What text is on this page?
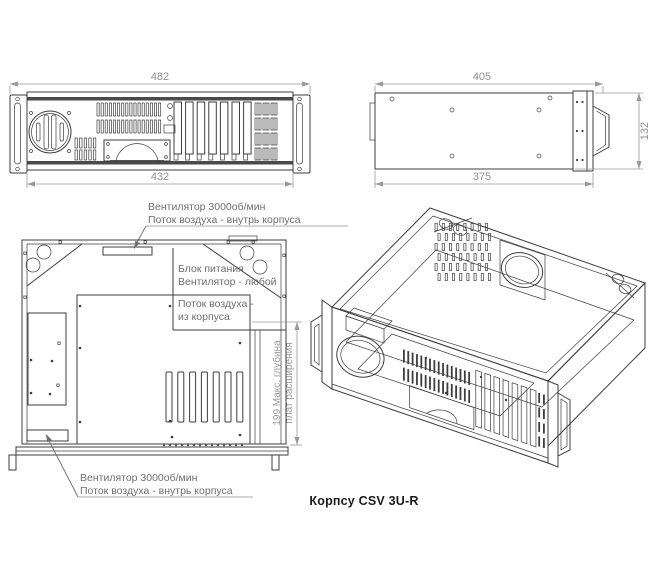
482
432
405
132
375
Вентилятор 3000об/мин
Поток воздуха - внутрь корпуса
Блок питания
Вентилятор - любой
Поток воздуха -
из корпуса
199 Макс. глубина плат расширения
Вентилятор 3000об/мин
Поток воздуха - внутрь корпуса
Корпсу CSV 3U-R
